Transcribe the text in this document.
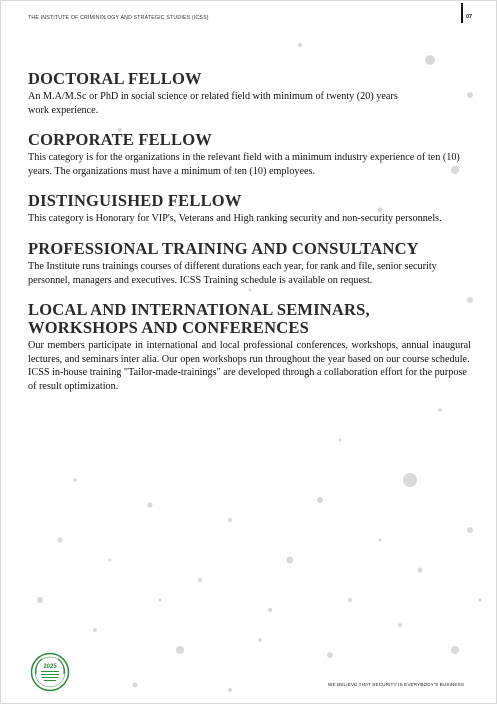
THE INSTITUTE OF CRIMINOLOGY AND STRATEGIC STUDIES (ICSS)	07
DOCTORAL FELLOW

An M.A/M.Sc or PhD in social science or related field with minimum of twenty (20) years work experience.

CORPORATE FELLOW

This category is for the organizations in the relevant field with a minimum industry experience of ten (10) years. The organizations must have a minimum of ten (10) employees.

DISTINGUISHED FELLOW

This category is Honorary for VIP's, Veterans and High ranking security and non-security personnels.

PROFESSIONAL TRAINING AND CONSULTANCY

The Institute runs trainings courses of different durations each year, for rank and file, senior security personnel, managers and executives. ICSS Training schedule is available on request.

LOCAL AND INTERNATIONAL SEMINARS, WORKSHOPS AND CONFERENCES

Our members participate in international and local professional conferences, workshops, annual inaugural lectures, and seminars inter alia. Our open workshops run throughout the year based on our course schedule.

ICSS in-house training "Tailor-made-trainings" are developed through a collaboration effort for the purpose of result optimization.

2025
WE BELIEVE THAT SECURITY IS EVERYBODY'S BUSINESS
